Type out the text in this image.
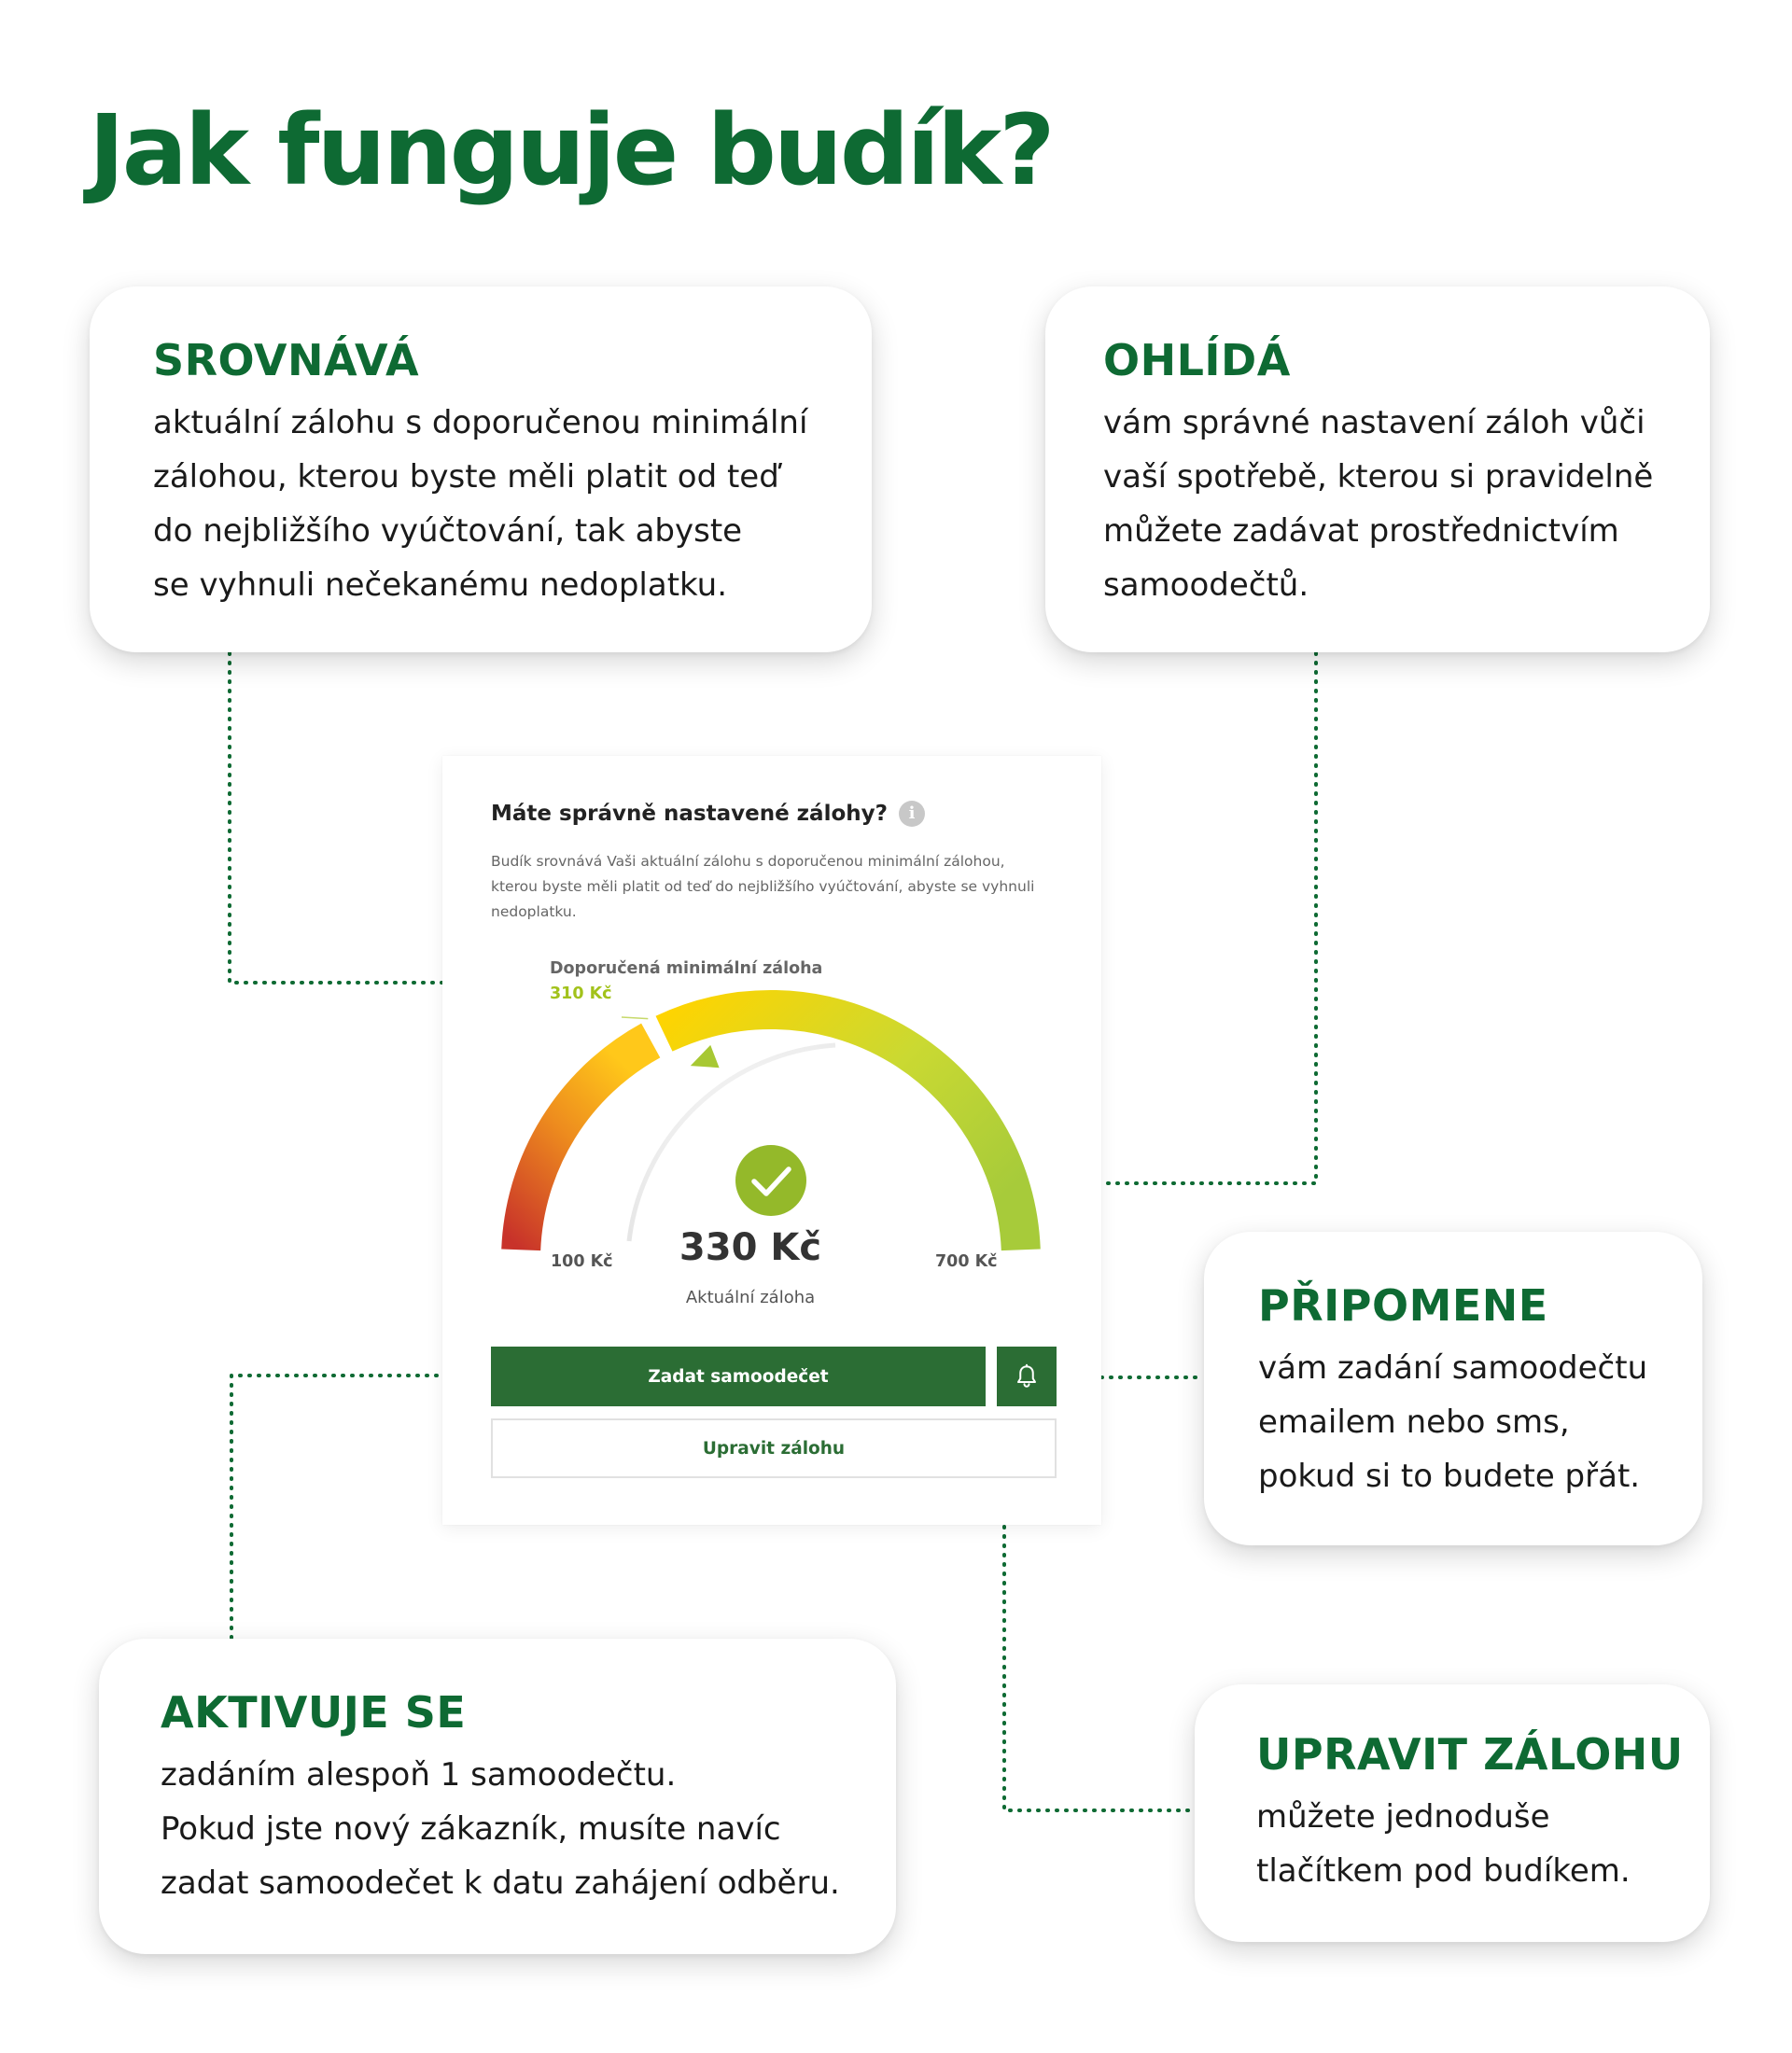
Jak funguje budík?
SROVNÁVÁ

aktuální zálohu s doporučenou minimální
zálohou, kterou byste měli platit od teď
do nejbližšího vyúčtování, tak abyste
se vyhnuli nečekanému nedoplatku.

OHLÍDÁ

vám správné nastavení záloh vůči
vaší spotřebě, kterou si pravidelně
můžete zadávat prostřednictvím
samoodečtů.

PŘIPOMENE

vám zadání samoodečtu
emailem nebo sms,
pokud si to budete přát.

AKTIVUJE SE

zadáním alespoň 1 samoodečtu.
Pokud jste nový zákazník, musíte navíc
zadat samoodečet k datu zahájení odběru.

UPRAVIT ZÁLOHU

můžete jednoduše
tlačítkem pod budíkem.

Máte správně nastavené zálohy?	i
Budík srovnává Vaši aktuální zálohu s doporučenou minimální zálohou,
kterou byste měli platit od teď do nejbližšího vyúčtování, abyste se vyhnuli
nedoplatku.
Doporučená minimální záloha
310 Kč
100 Kč	700 Kč
330 Kč
Aktuální záloha
Zadat samoodečet
Upravit zálohu
